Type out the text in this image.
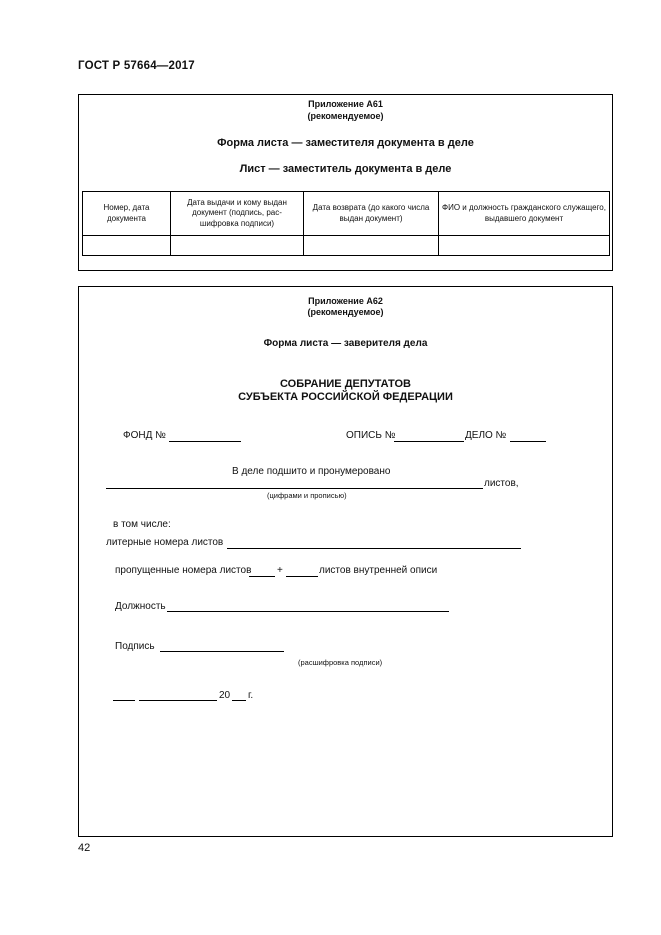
ГОСТ Р 57664—2017
Приложение А61
(рекомендуемое)
Форма листа — заместителя документа в деле
Лист — заместитель документа в деле
Номер, дата документа	Дата выдачи и кому выдан документ (подпись, рас-шифровка подписи)	Дата возврата (до какого числа выдан документ)	ФИО и должность гражданского служащего, выдавшего документ

Приложение А62
(рекомендуемое)
Форма листа — заверителя дела
СОБРАНИЕ ДЕПУТАТОВ
СУБЪЕКТА РОССИЙСКОЙ ФЕДЕРАЦИИ
ФОНД №	ОПИСЬ №	ДЕЛО №
В деле подшито и пронумеровано
листов,
(цифрами и прописью)
в том числе:
литерные номера листов
пропущенные номера листов	+	листов внутренней описи
Должность
Подпись
(расшифровка подписи)
20 г.
42
